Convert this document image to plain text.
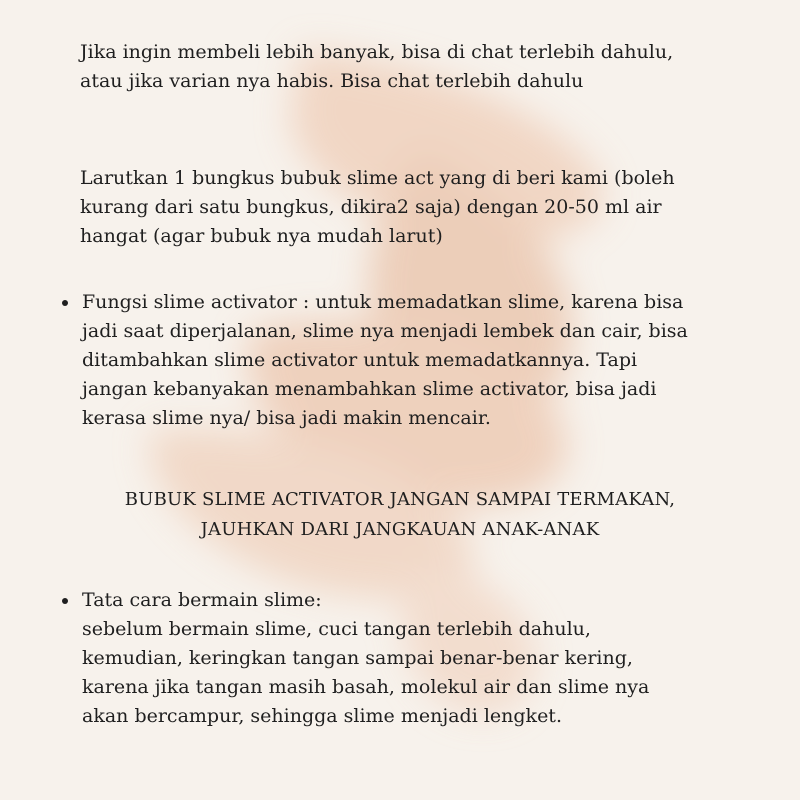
Jika ingin membeli lebih banyak, bisa di chat terlebih dahulu,
atau jika varian nya habis. Bisa chat terlebih dahulu

Larutkan 1 bungkus bubuk slime act yang di beri kami (boleh
kurang dari satu bungkus, dikira2 saja) dengan 20-50 ml air
hangat (agar bubuk nya mudah larut)

Fungsi slime activator : untuk memadatkan slime, karena bisa
jadi saat diperjalanan, slime nya menjadi lembek dan cair, bisa
ditambahkan slime activator untuk memadatkannya. Tapi
jangan kebanyakan menambahkan slime activator, bisa jadi
kerasa slime nya/ bisa jadi makin mencair.
BUBUK SLIME ACTIVATOR JANGAN SAMPAI TERMAKAN,
JAUHKAN DARI JANGKAUAN ANAK-ANAK
Tata cara bermain slime:
sebelum bermain slime, cuci tangan terlebih dahulu,
kemudian, keringkan tangan sampai benar-benar kering,
karena jika tangan masih basah, molekul air dan slime nya
akan bercampur, sehingga slime menjadi lengket.
